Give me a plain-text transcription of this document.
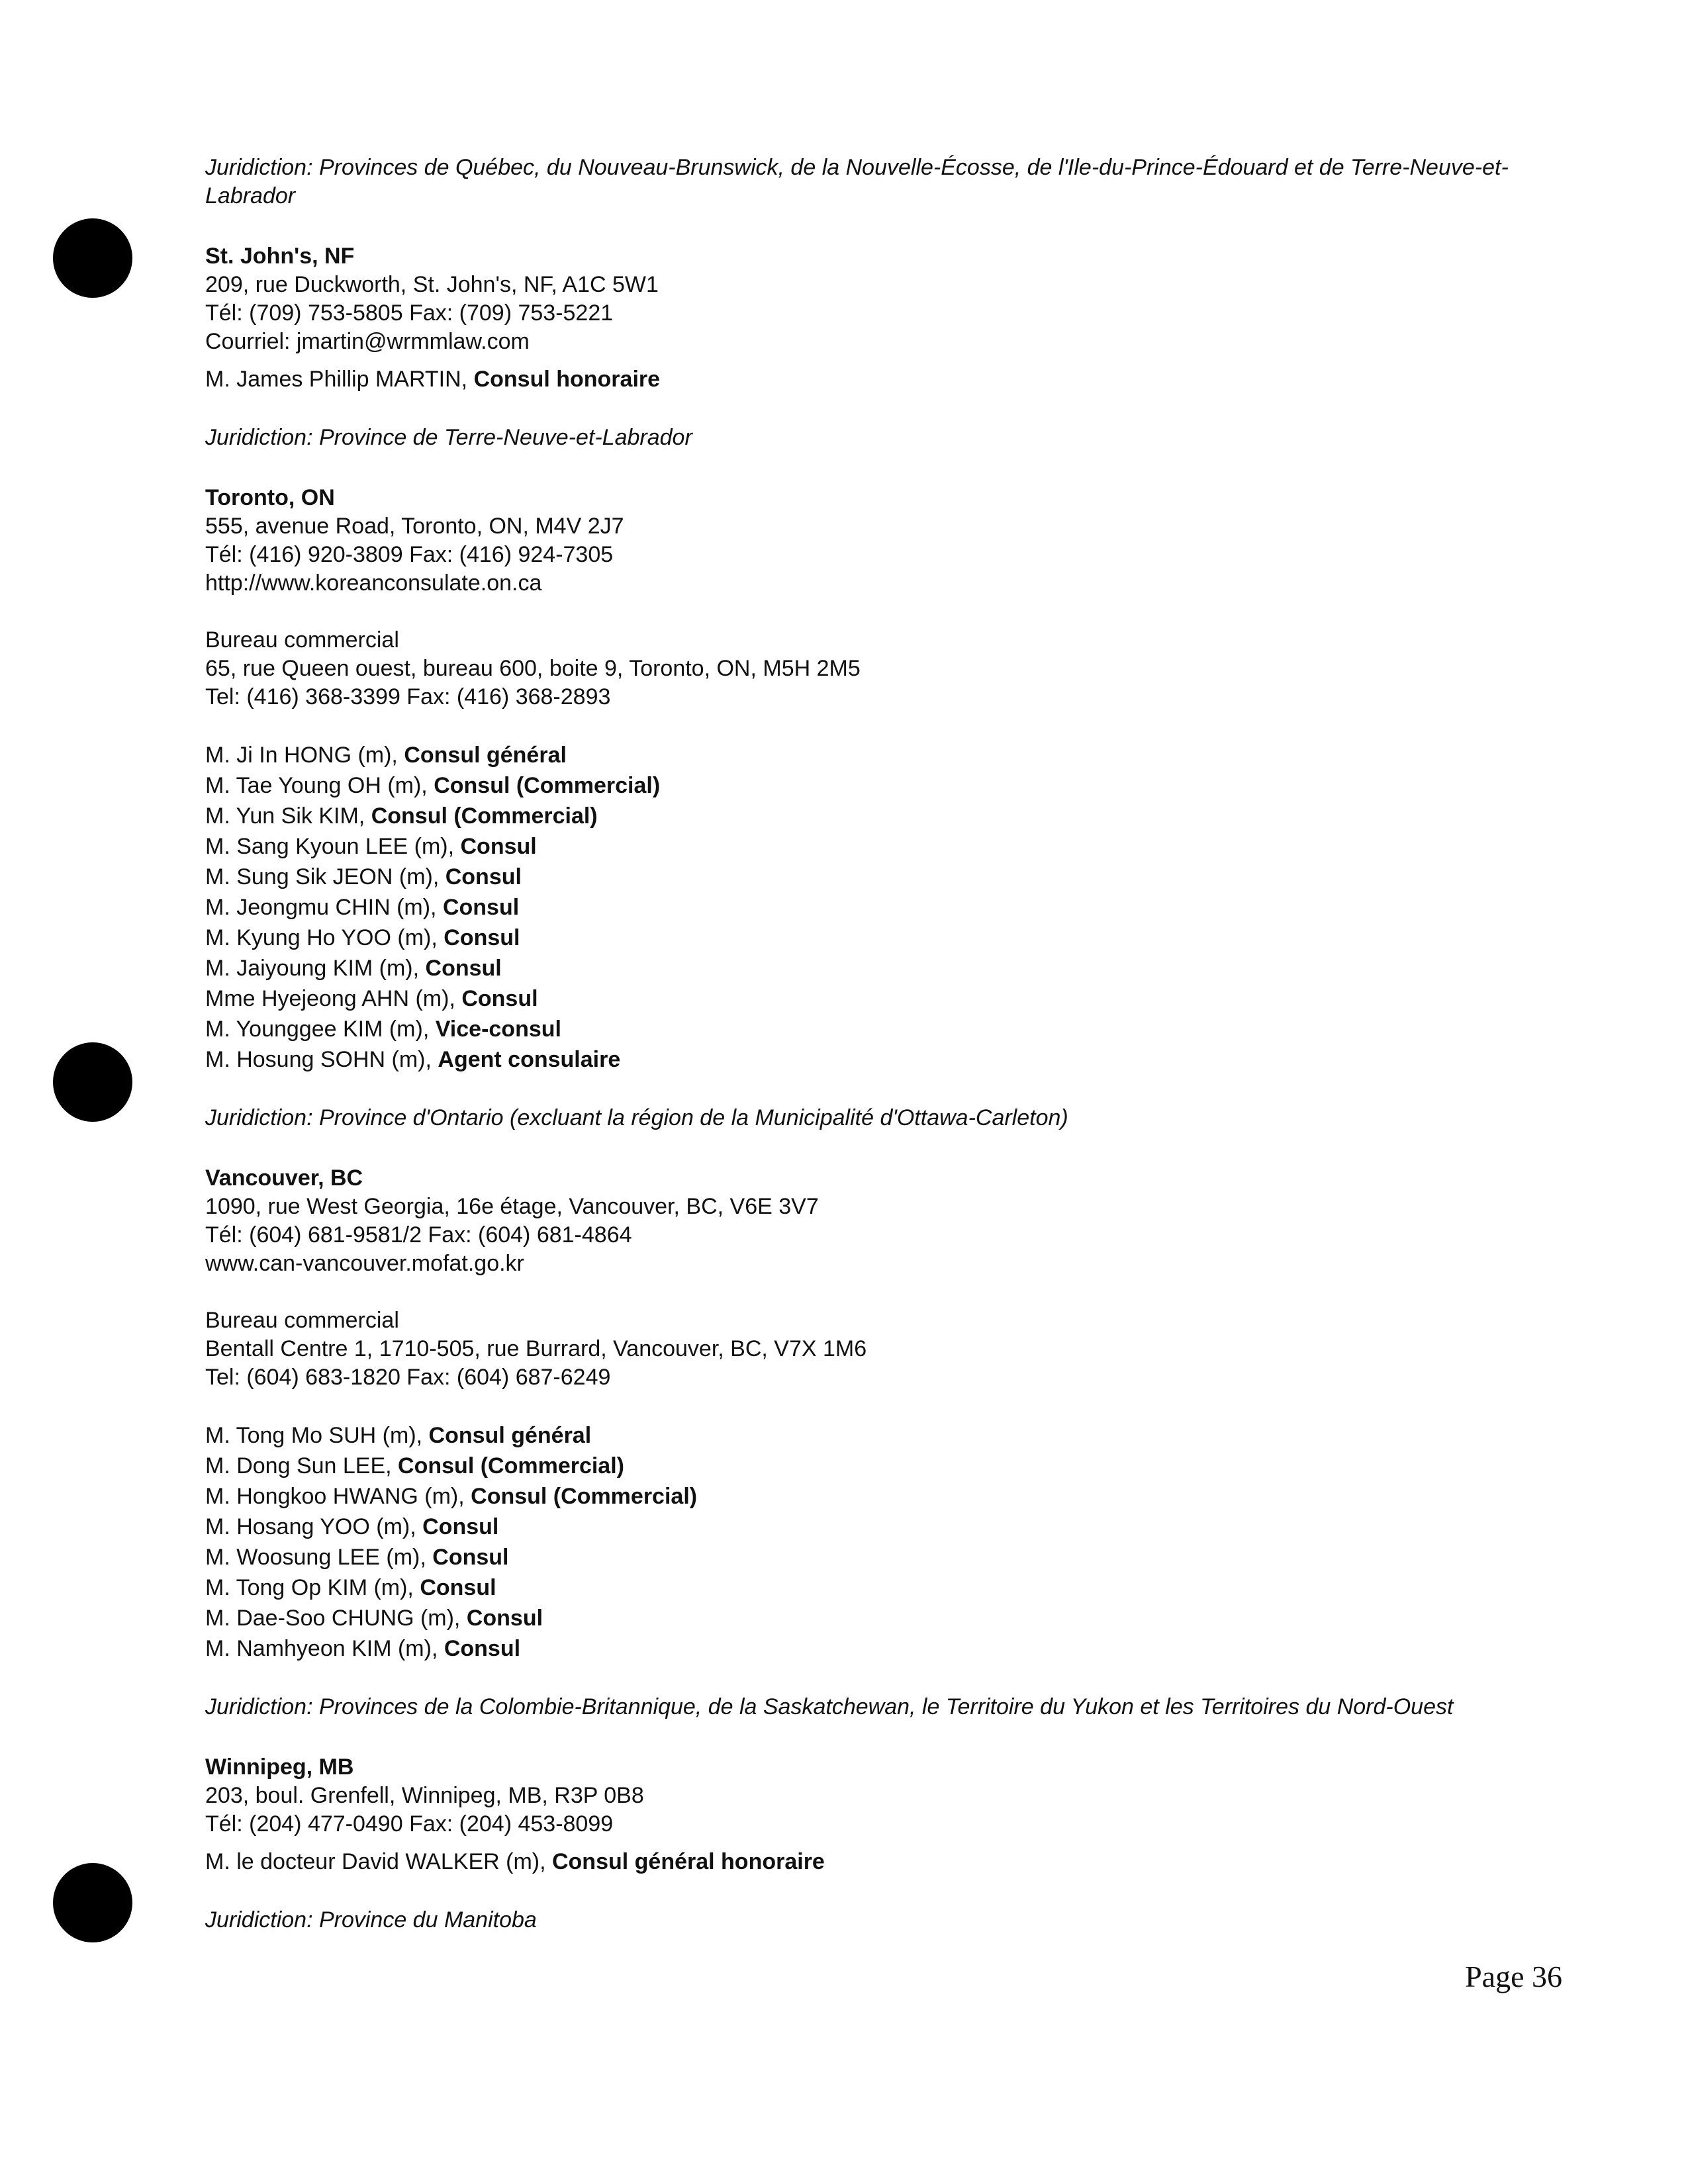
Juridiction: Provinces de Québec, du Nouveau-Brunswick, de la Nouvelle-Écosse, de l'Ile-du-Prince-Édouard et de Terre-Neuve-et-Labrador

St. John's, NF

209, rue Duckworth, St. John's, NF, A1C 5W1

Tél: (709) 753-5805 Fax: (709) 753-5221

Courriel: jmartin@wrmmlaw.com

M. James Phillip MARTIN, Consul honoraire

Juridiction: Province de Terre-Neuve-et-Labrador

Toronto, ON

555, avenue Road, Toronto, ON, M4V 2J7

Tél: (416) 920-3809 Fax: (416) 924-7305

http://www.koreanconsulate.on.ca

Bureau commercial

65, rue Queen ouest, bureau 600, boite 9, Toronto, ON, M5H 2M5

Tel: (416) 368-3399 Fax: (416) 368-2893

M. Ji In HONG (m), Consul général

M. Tae Young OH (m), Consul (Commercial)

M. Yun Sik KIM, Consul (Commercial)

M. Sang Kyoun LEE (m), Consul

M. Sung Sik JEON (m), Consul

M. Jeongmu CHIN (m), Consul

M. Kyung Ho YOO (m), Consul

M. Jaiyoung KIM (m), Consul

Mme Hyejeong AHN (m), Consul

M. Younggee KIM (m), Vice-consul

M. Hosung SOHN (m), Agent consulaire

Juridiction: Province d'Ontario (excluant la région de la Municipalité d'Ottawa-Carleton)

Vancouver, BC

1090, rue West Georgia, 16e étage, Vancouver, BC, V6E 3V7

Tél: (604) 681-9581/2 Fax: (604) 681-4864

www.can-vancouver.mofat.go.kr

Bureau commercial

Bentall Centre 1, 1710-505, rue Burrard, Vancouver, BC, V7X 1M6

Tel: (604) 683-1820 Fax: (604) 687-6249

M. Tong Mo SUH (m), Consul général

M. Dong Sun LEE, Consul (Commercial)

M. Hongkoo HWANG (m), Consul (Commercial)

M. Hosang YOO (m), Consul

M. Woosung LEE (m), Consul

M. Tong Op KIM (m), Consul

M. Dae-Soo CHUNG (m), Consul

M. Namhyeon KIM (m), Consul

Juridiction: Provinces de la Colombie-Britannique, de la Saskatchewan, le Territoire du Yukon et les Territoires du Nord-Ouest

Winnipeg, MB

203, boul. Grenfell, Winnipeg, MB, R3P 0B8

Tél: (204) 477-0490 Fax: (204) 453-8099

M. le docteur David WALKER (m), Consul général honoraire

Juridiction: Province du Manitoba

Page 36
